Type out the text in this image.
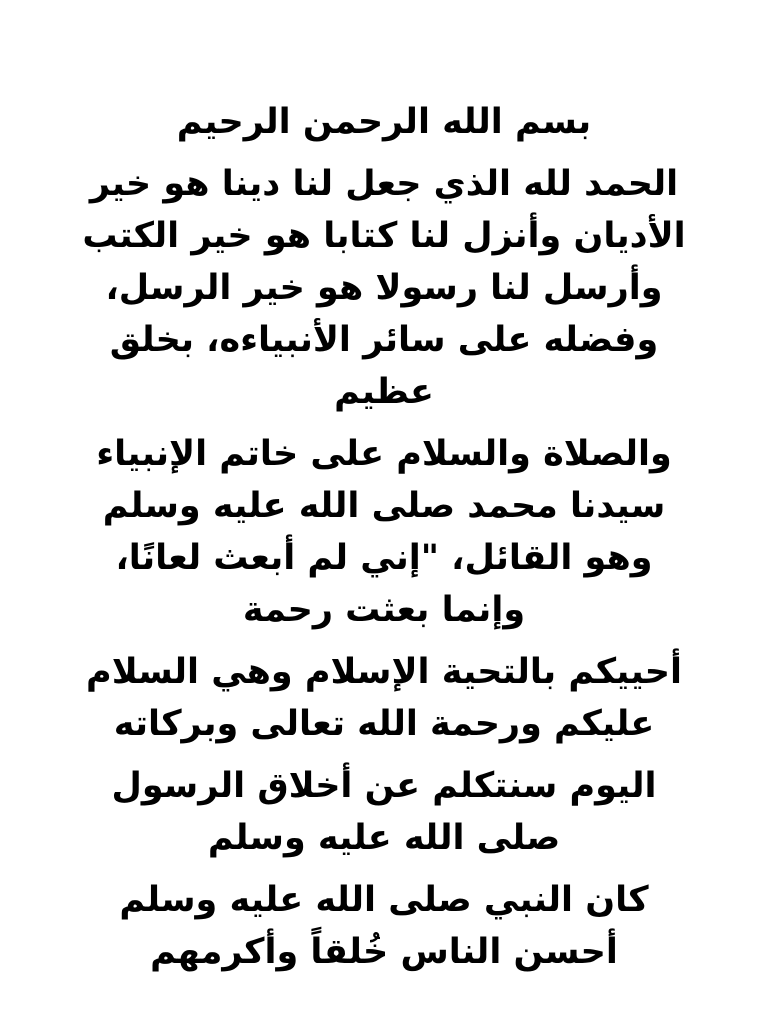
بسم الله الرحمن الرحيم
الحمد لله الذي جعل لنا دينا هو خير
الأديان وأنزل لنا كتابا هو خير الكتب
وأرسل لنا رسولا هو خير الرسل،
وفضله على سائر الأنبياءه، بخلق
عظيم
والصلاة والسلام على خاتم الإنبياء
سيدنا محمد صلى الله عليه وسلم
وهو القائل، "إني لم أبعث لعانًا،
وإنما بعثت رحمة
أحييكم بالتحية الإسلام وهي السلام
عليكم ورحمة الله تعالى وبركاته
اليوم سنتكلم عن أخلاق الرسول
صلى الله عليه وسلم
كان النبي صلى الله عليه وسلم
أحسن الناس خُلقاً وأكرمهم
